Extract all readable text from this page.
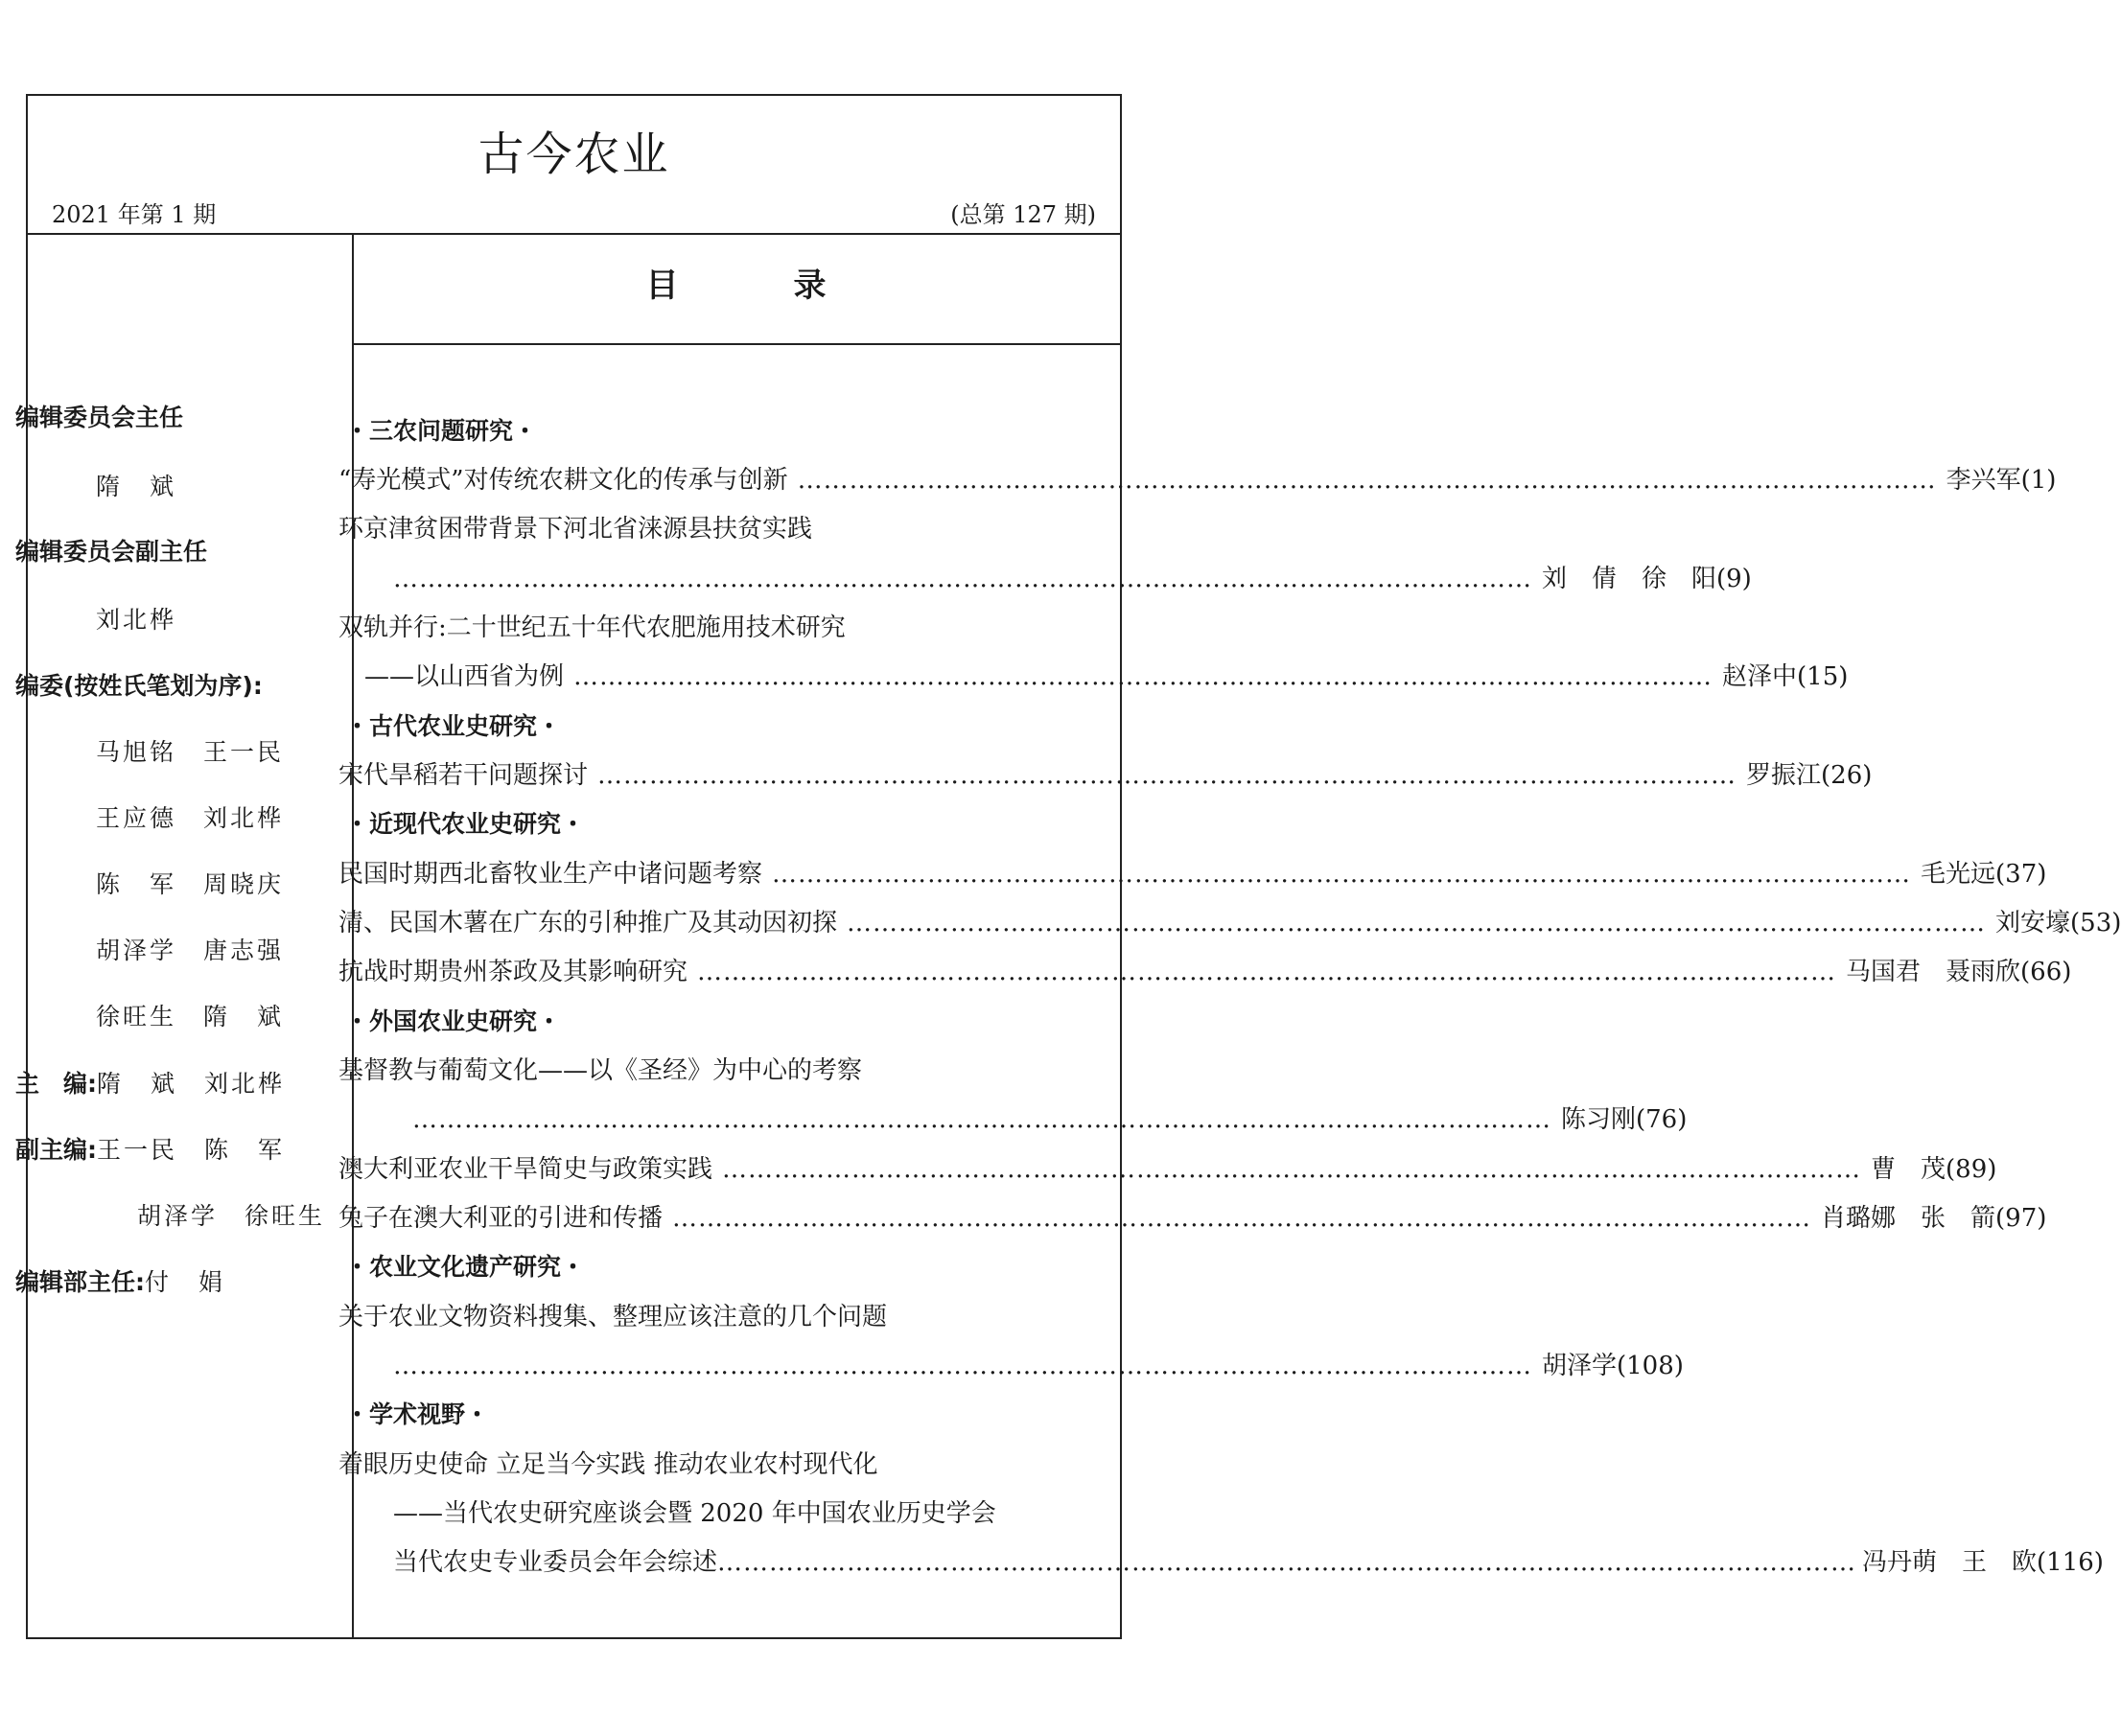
古今农业
2021 年第 1 期	(总第 127 期)
目	录
编辑委员会主任
隋　斌
编辑委员会副主任
刘北桦
编委(按姓氏笔划为序):
马旭铭　王一民
王应德　刘北桦
陈　军　周晓庆
胡泽学　唐志强
徐旺生　隋　斌
主　编:隋　斌　刘北桦
副主编:王一民　陈　军
胡泽学　徐旺生
编辑部主任:付　娟
・三农问题研究・
“寿光模式”对传统农耕文化的传承与创新 …………………………………………………………………………………………………………………… 李兴军(1)
环京津贫困带背景下河北省涞源县扶贫实践
…………………………………………………………………………………………………………………… 刘　倩　徐　阳(9)
双轨并行:二十世纪五十年代农肥施用技术研究
——以山西省为例 …………………………………………………………………………………………………………………… 赵泽中(15)
・古代农业史研究・
宋代旱稻若干问题探讨 …………………………………………………………………………………………………………………… 罗振江(26)
・近现代农业史研究・
民国时期西北畜牧业生产中诸问题考察 …………………………………………………………………………………………………………………… 毛光远(37)
清、民国木薯在广东的引种推广及其动因初探 …………………………………………………………………………………………………………………… 刘安壕(53)
抗战时期贵州茶政及其影响研究 …………………………………………………………………………………………………………………… 马国君　聂雨欣(66)
・外国农业史研究・
基督教与葡萄文化——以《圣经》为中心的考察
…………………………………………………………………………………………………………………… 陈习刚(76)
澳大利亚农业干旱简史与政策实践 …………………………………………………………………………………………………………………… 曹　茂(89)
兔子在澳大利亚的引进和传播 …………………………………………………………………………………………………………………… 肖璐娜　张　箭(97)
・农业文化遗产研究・
关于农业文物资料搜集、整理应该注意的几个问题
…………………………………………………………………………………………………………………… 胡泽学(108)
・学术视野・
着眼历史使命 立足当今实践 推动农业农村现代化
——当代农史研究座谈会暨 2020 年中国农业历史学会
当代农史专业委员会年会综述 …………………………………………………………………………………………………………………… 冯丹萌　王　欧(116)
